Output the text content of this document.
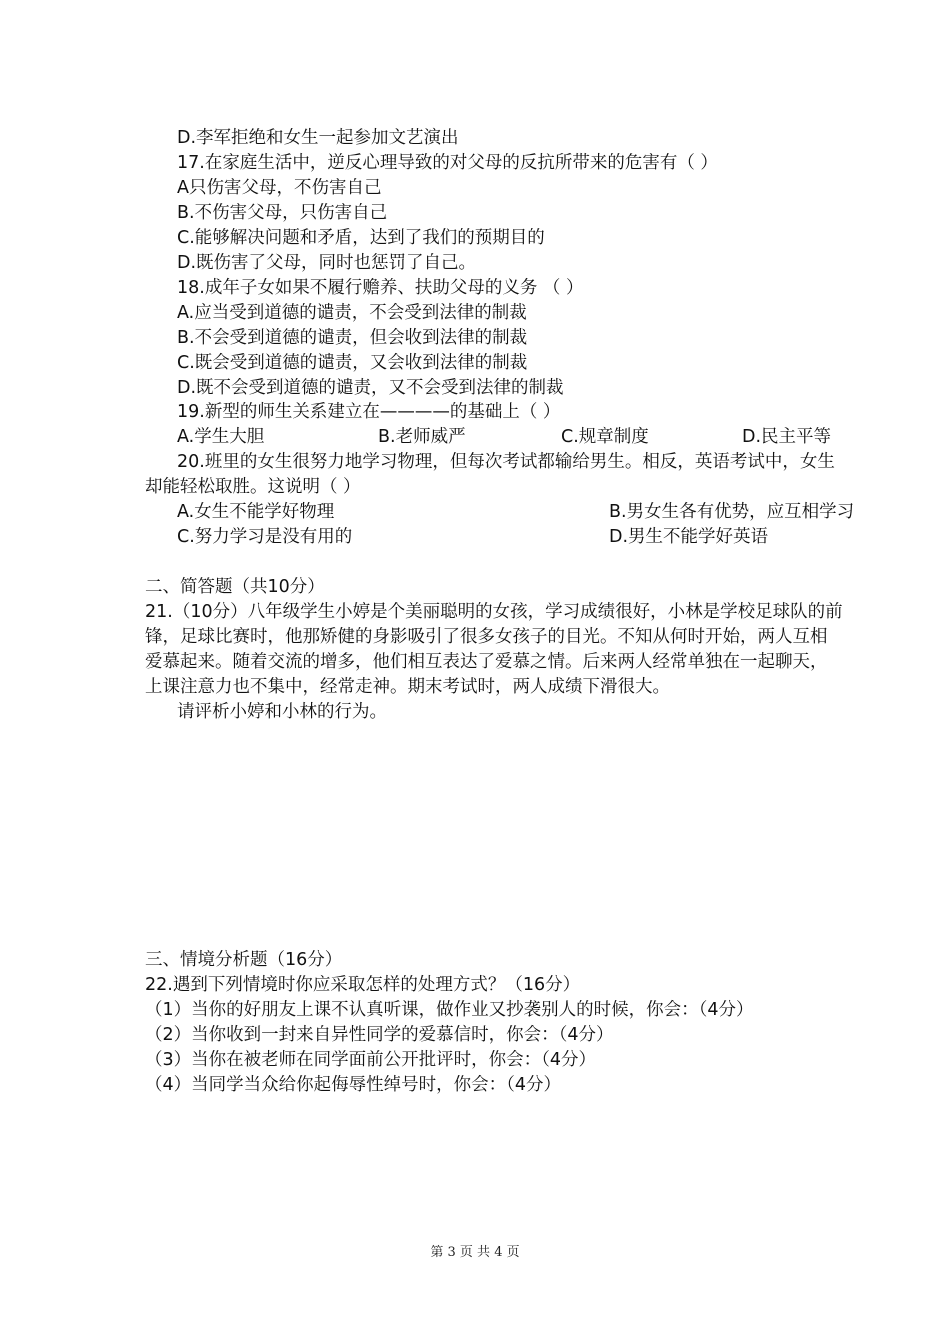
D.李军拒绝和女生一起参加文艺演出
17.在家庭生活中，逆反心理导致的对父母的反抗所带来的危害有（ ）
A只伤害父母，不伤害自己
B.不伤害父母，只伤害自己
C.能够解决问题和矛盾，达到了我们的预期目的
D.既伤害了父母，同时也惩罚了自己。
18.成年子女如果不履行赡养、扶助父母的义务 （ ）
A.应当受到道德的谴责，不会受到法律的制裁
B.不会受到道德的谴责，但会收到法律的制裁
C.既会受到道德的谴责，又会收到法律的制裁
D.既不会受到道德的谴责，又不会受到法律的制裁
19.新型的师生关系建立在————的基础上（ ）
A.学生大胆	B.老师威严	C.规章制度	D.民主平等
20.班里的女生很努力地学习物理，但每次考试都输给男生。相反，英语考试中，女生
却能轻松取胜。这说明（ ）
A.女生不能学好物理	B.男女生各有优势，应互相学习
C.努力学习是没有用的	D.男生不能学好英语
二、简答题（共10分）
21.（10分）八年级学生小婷是个美丽聪明的女孩，学习成绩很好，小林是学校足球队的前
锋，足球比赛时，他那矫健的身影吸引了很多女孩子的目光。不知从何时开始，两人互相
爱慕起来。随着交流的增多，他们相互表达了爱慕之情。后来两人经常单独在一起聊天，
上课注意力也不集中，经常走神。期末考试时，两人成绩下滑很大。
请评析小婷和小林的行为。
三、情境分析题（16分）
22.遇到下列情境时你应采取怎样的处理方式？（16分）
（1）当你的好朋友上课不认真听课，做作业又抄袭别人的时候，你会：（4分）
（2）当你收到一封来自异性同学的爱慕信时，你会：（4分）
（3）当你在被老师在同学面前公开批评时，你会：（4分）
（4）当同学当众给你起侮辱性绰号时，你会：（4分）
第 3 页 共 4 页
